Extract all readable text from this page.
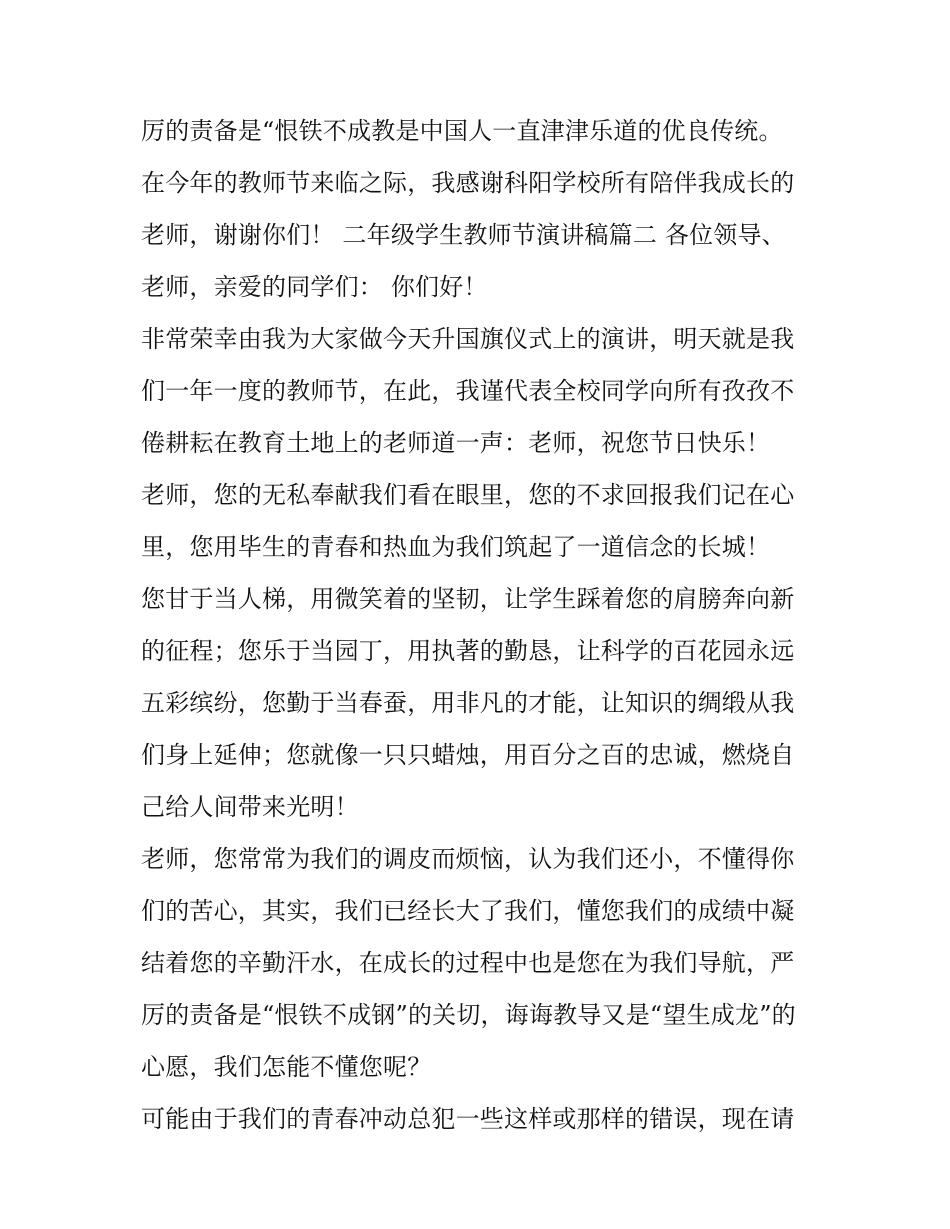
厉的责备是“恨铁不成教是中国人一直津津乐道的优良传统。
在今年的教师节来临之际，我感谢科阳学校所有陪伴我成长的
老师，谢谢你们！ 二年级学生教师节演讲稿篇二 各位领导、
老师，亲爱的同学们： 你们好！
非常荣幸由我为大家做今天升国旗仪式上的演讲，明天就是我
们一年一度的教师节，在此，我谨代表全校同学向所有孜孜不
倦耕耘在教育土地上的老师道一声：老师，祝您节日快乐！
老师，您的无私奉献我们看在眼里，您的不求回报我们记在心
里，您用毕生的青春和热血为我们筑起了一道信念的长城！
您甘于当人梯，用微笑着的坚韧，让学生踩着您的肩膀奔向新
的征程；您乐于当园丁，用执著的勤恳，让科学的百花园永远
五彩缤纷，您勤于当春蚕，用非凡的才能，让知识的绸缎从我
们身上延伸；您就像一只只蜡烛，用百分之百的忠诚，燃烧自
己给人间带来光明！
老师，您常常为我们的调皮而烦恼，认为我们还小，不懂得你
们的苦心，其实，我们已经长大了我们，懂您我们的成绩中凝
结着您的辛勤汗水，在成长的过程中也是您在为我们导航，严
厉的责备是“恨铁不成钢”的关切，诲诲教导又是“望生成龙”的
心愿，我们怎能不懂您呢？
可能由于我们的青春冲动总犯一些这样或那样的错误，现在请
